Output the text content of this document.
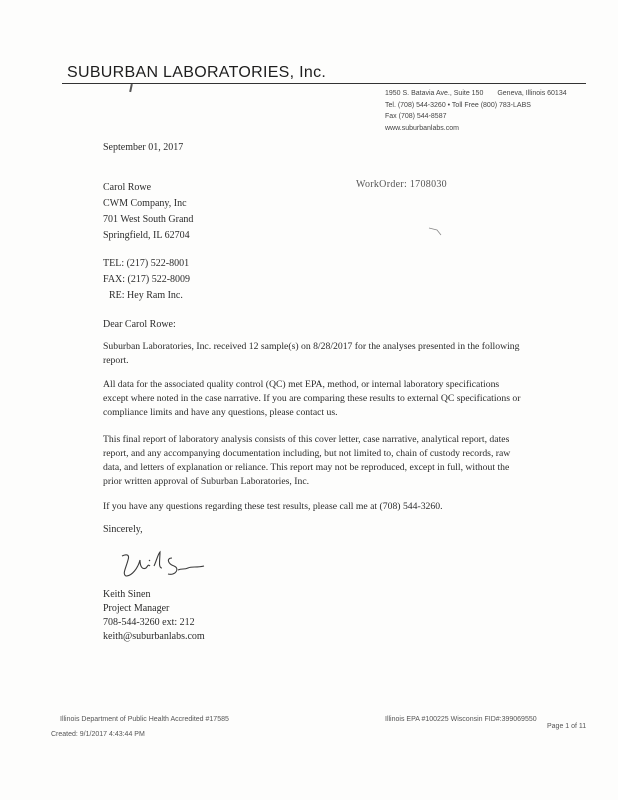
SUBURBAN LABORATORIES, Inc.
1950 S. Batavia Ave., Suite 150 Geneva, Illinois 60134
Tel. (708) 544-3260 • Toll Free (800) 783-LABS
Fax (708) 544-8587
www.suburbanlabs.com
September 01, 2017
Carol Rowe
CWM Company, Inc
701 West South Grand
Springfield, IL 62704
WorkOrder: 1708030
TEL: (217) 522-8001
FAX: (217) 522-8009
RE: Hey Ram Inc.
Dear Carol Rowe:
Suburban Laboratories, Inc. received 12 sample(s) on 8/28/2017 for the analyses presented in the following report.
All data for the associated quality control (QC) met EPA, method, or internal laboratory specifications except where noted in the case narrative. If you are comparing these results to external QC specifications or compliance limits and have any questions, please contact us.
This final report of laboratory analysis consists of this cover letter, case narrative, analytical report, dates report, and any accompanying documentation including, but not limited to, chain of custody records, raw data, and letters of explanation or reliance. This report may not be reproduced, except in full, without the prior written approval of Suburban Laboratories, Inc.
If you have any questions regarding these test results, please call me at (708) 544-3260.
Sincerely,
Keith Sinen
Project Manager
708-544-3260 ext: 212
keith@suburbanlabs.com
Illinois Department of Public Health Accredited #17585	Illinois EPA #100225 Wisconsin FID#:399069550
Created: 9/1/2017 4:43:44 PM
Page 1 of 11
